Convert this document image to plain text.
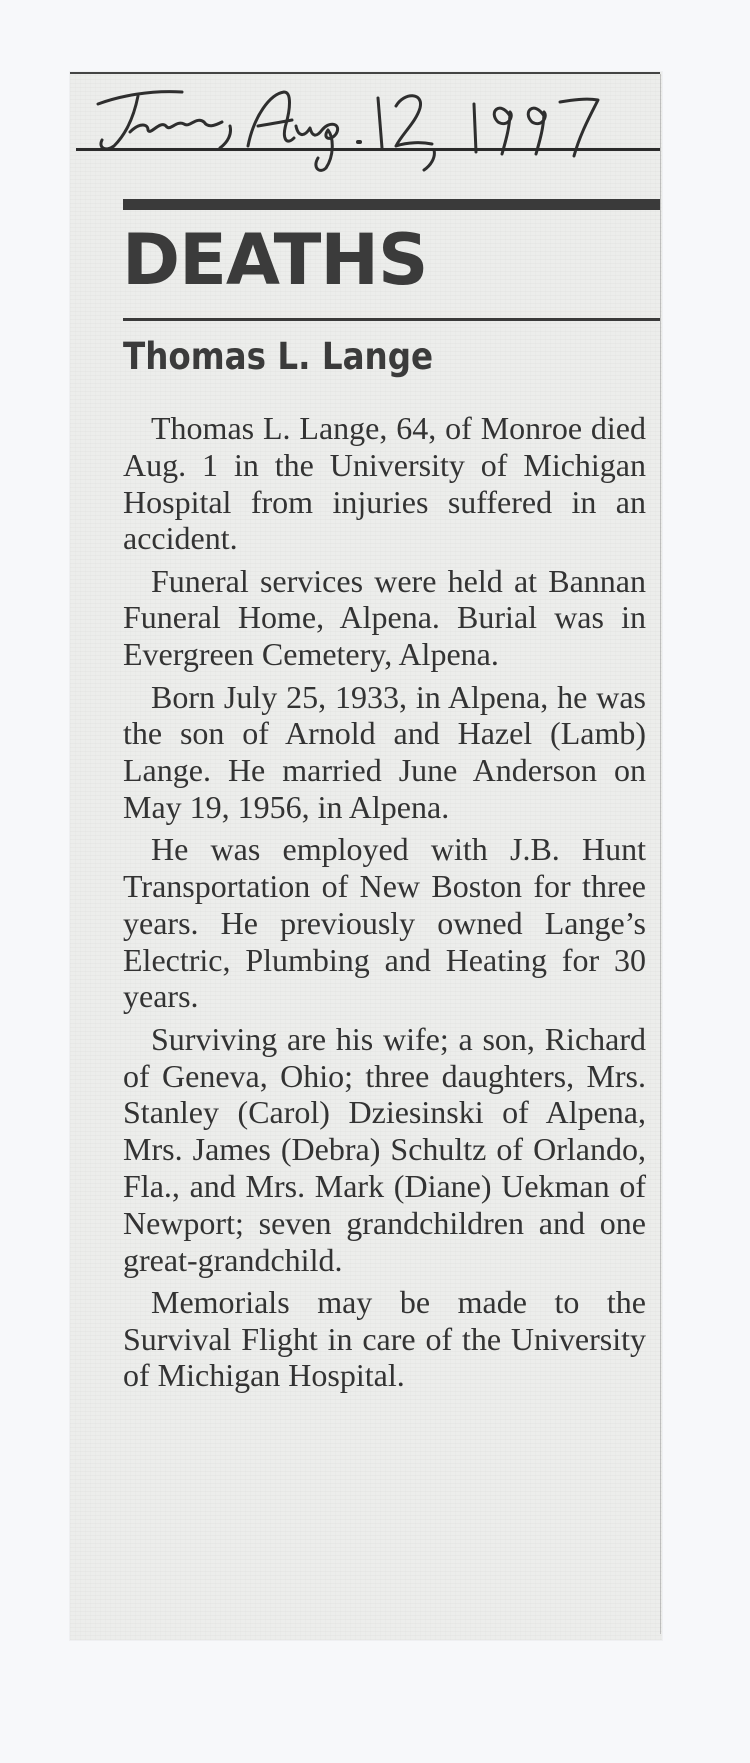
DEATHS
Thomas L. Lange

Thomas L. Lange, 64, of Monroe died Aug. 1 in the University of Michigan Hospital from injuries suffered in an accident.

Funeral services were held at Bannan Funeral Home, Alpena. Burial was in Evergreen Cemetery, Alpena.

Born July 25, 1933, in Alpena, he was the son of Arnold and Hazel (Lamb) Lange. He married June Anderson on May 19, 1956, in Alpena.

He was employed with J.B. Hunt Transportation of New Boston for three years. He previously owned Lange’s Electric, Plumbing and Heating for 30 years.

Surviving are his wife; a son, Richard of Geneva, Ohio; three daughters, Mrs. Stanley (Carol) Dziesinski of Alpena, Mrs. James (Debra) Schultz of Orlando, Fla., and Mrs. Mark (Diane) Uekman of Newport; seven grandchildren and one great-grandchild.

Memorials may be made to the Survival Flight in care of the University of Michigan Hospital.
